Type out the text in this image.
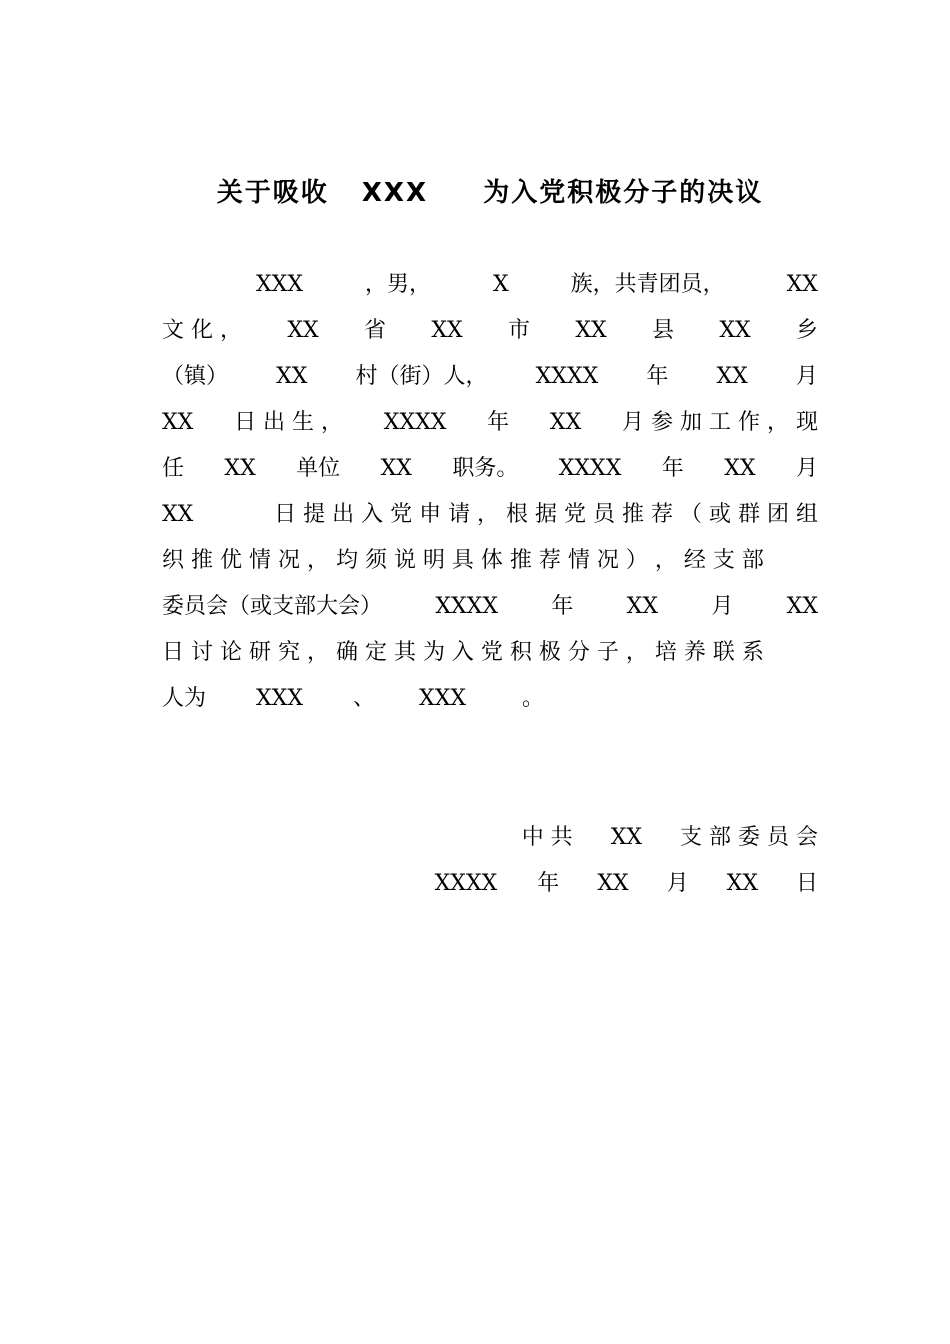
关于吸收   XXX     为入党积极分子的决议
XXX	，男，	X	族，共青团员，	XX
文 化 ， XX 省 XX 市 XX 县 XX 乡
（镇） XX 村（街）人， XXXX 年 XX 月
XX 日 出 生 ， XXXX 年 XX 月 参 加 工 作 ， 现
任 XX 单位 XX 职务。 XXXX 年 XX 月
XX	日 提 出 入 党 申 请 ， 根 据 党 员 推 荐 （ 或 群 团 组
织 推 优 情 况 ， 均 须 说 明 具 体 推 荐 情 况 ） ， 经 支 部
委员会（或支部大会） XXXX 年 XX 月 XX
日 讨 论 研 究 ， 确 定 其 为 入 党 积 极 分 子 ， 培 养 联 系
人为 XXX 、 XXX	。
中 共 XX 支 部 委 员 会
XXXX 年 XX 月 XX 日
